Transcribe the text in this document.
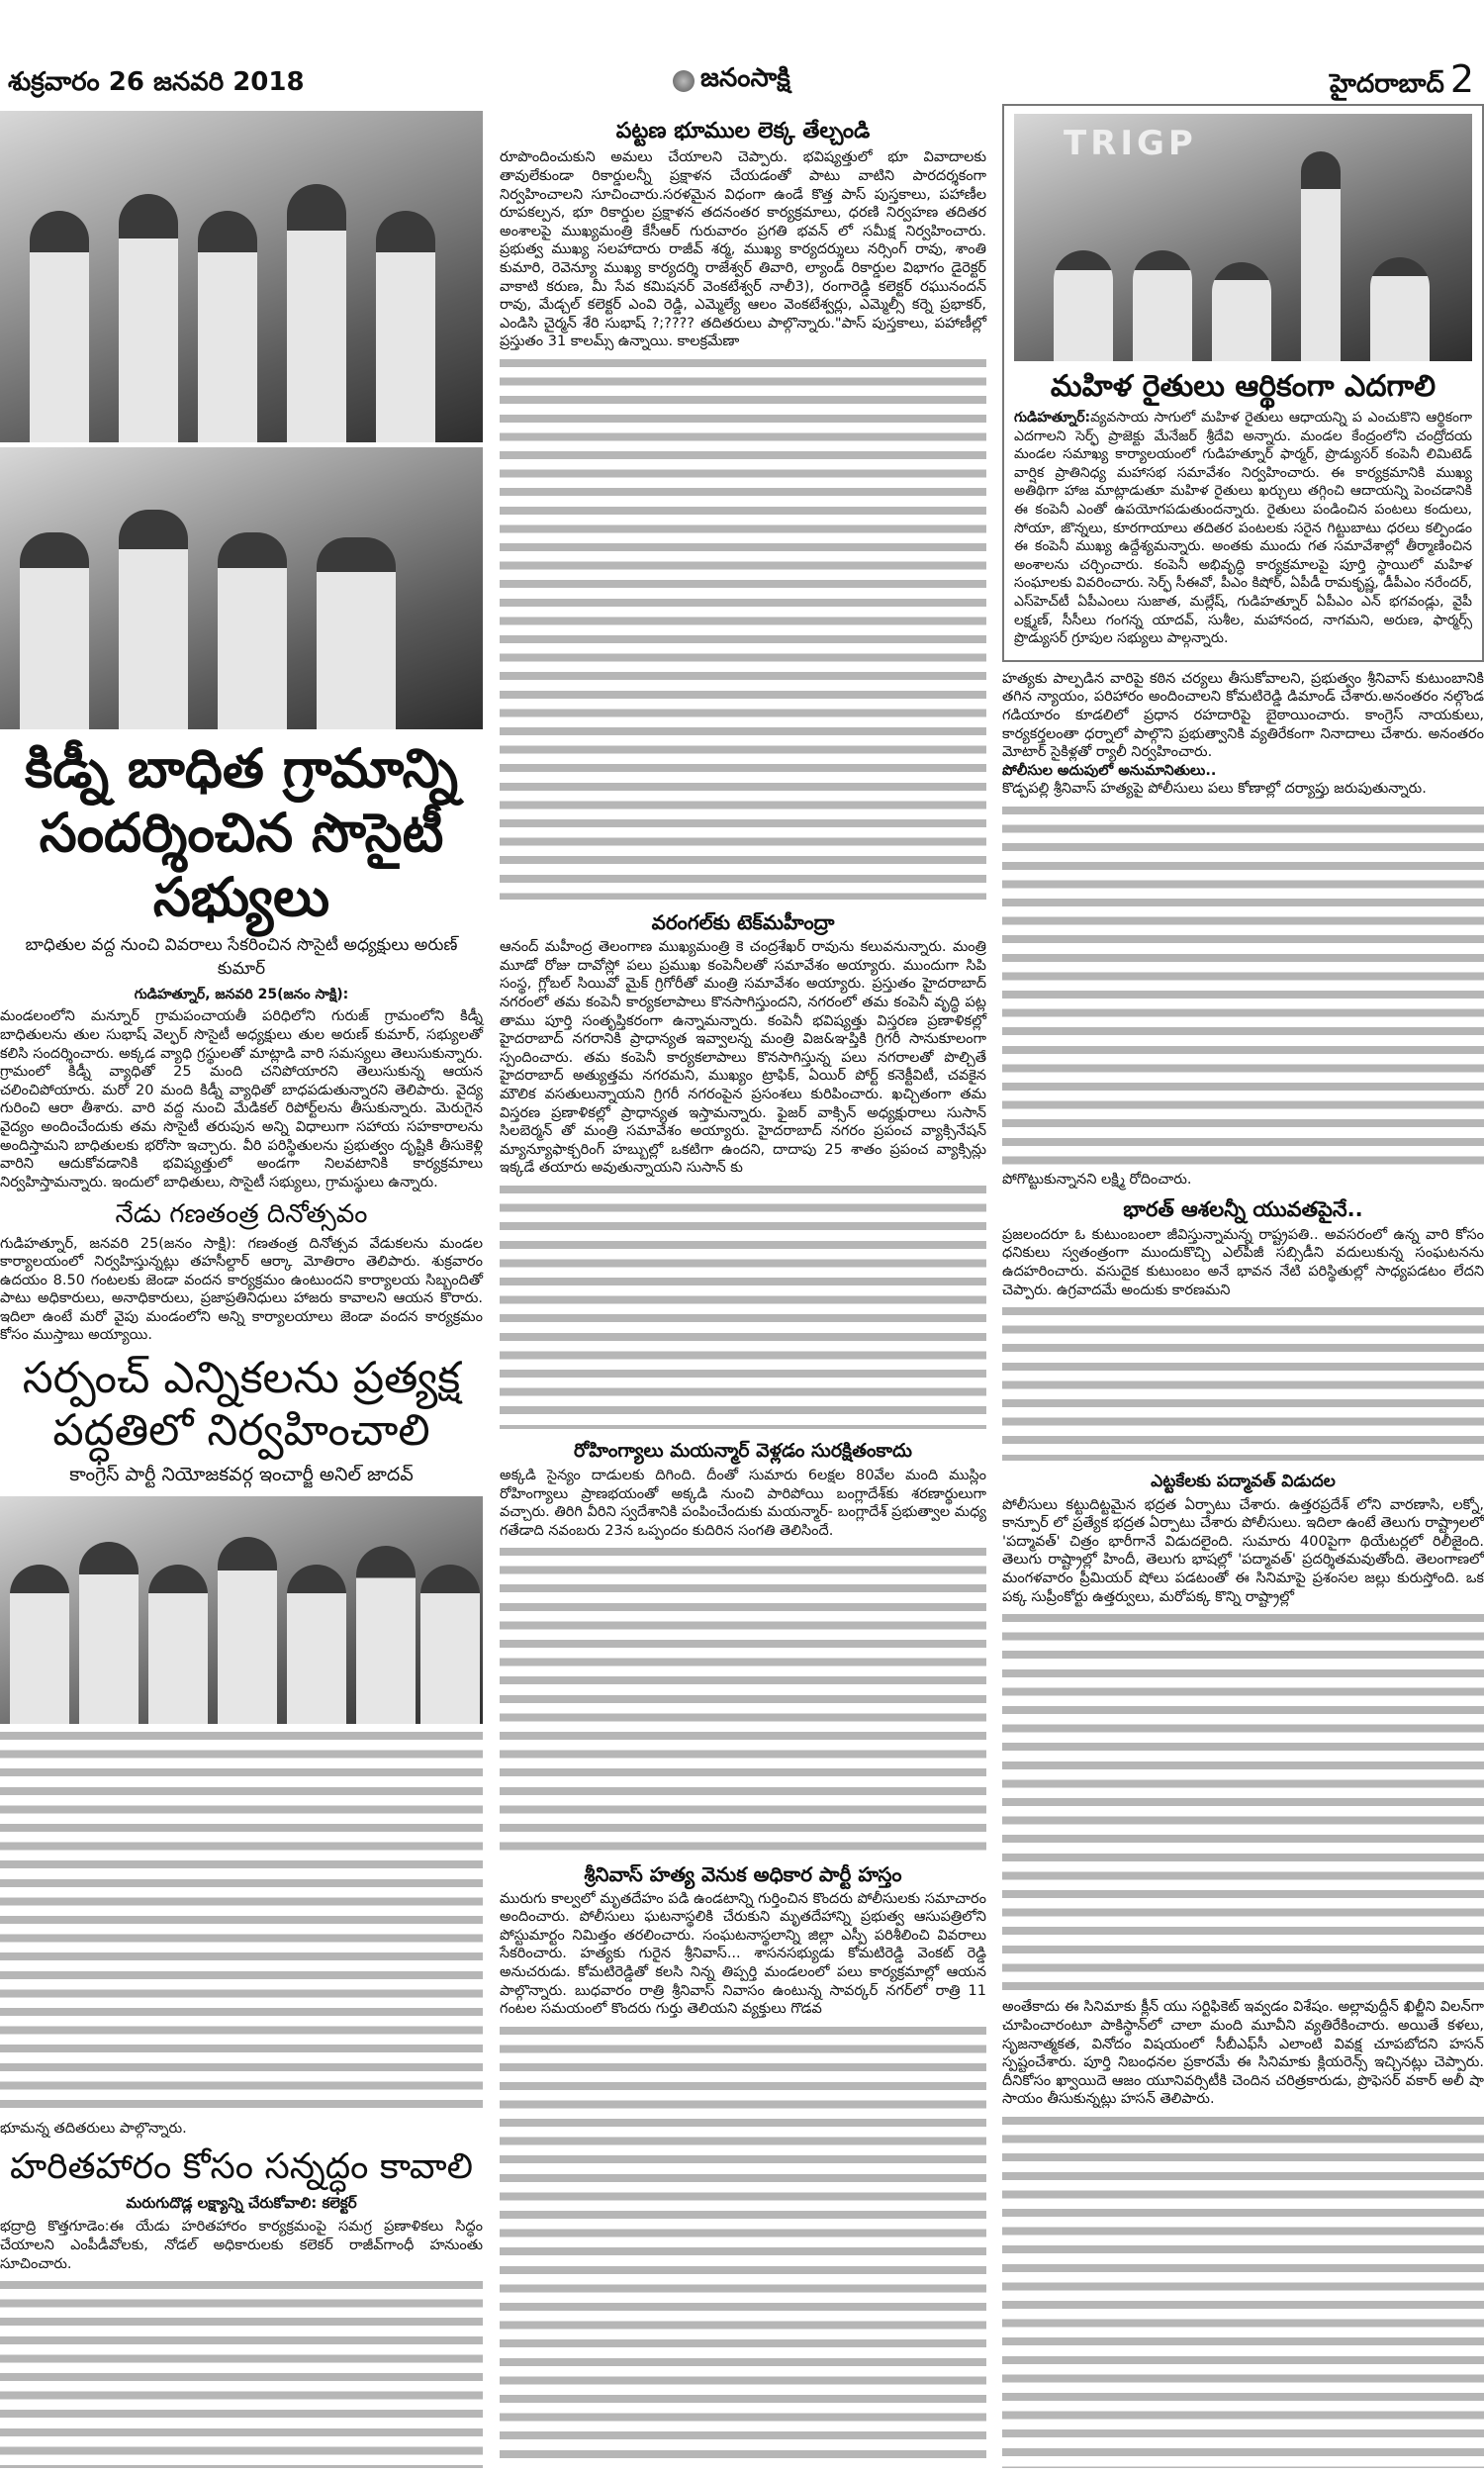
శుక్రవారం 26 జనవరి 2018	జనంసాక్షి	హైదరాబాద్ 2
కిడ్నీ బాధిత గ్రామాన్ని
సందర్శించిన సొసైటీ సభ్యులు
బాధితుల వద్ద నుంచి వివరాలు సేకరించిన సొసైటీ అధ్యక్షులు అరుణ్ కుమార్
గుడిహత్నూర్, జనవరి 25(జనం సాక్షి):
మండలంలోని మన్నూర్ గ్రామపంచాయతీ పరిధిలోని గురుజ్ గ్రామంలోని కిడ్నీ బాధితులను తుల సుభాష్ వెల్ఫర్ సొసైటీ అధ్యక్షులు తుల అరుణ్ కుమార్, సభ్యులతో కలిసి సందర్శించారు. అక్కడ వ్యాధి గ్రస్థులతో మాట్లాడి వారి సమస్యలు తెలుసుకున్నారు. గ్రామంలో కిడ్నీ వ్యాధితో 25 మంది చనిపోయారని తెలుసుకున్న ఆయన చలించిపోయారు. మరో 20 మంది కిడ్నీ వ్యాధితో బాధపడుతున్నారని తెలిపారు. వైద్య గురించి ఆరా తీశారు. వారి వద్ద నుంచి మేడికల్ రిపోర్ట్‌లను తీసుకున్నారు. మెరుగైన వైద్యం అందించేందుకు తమ సొసైటీ తరుపున అన్ని విధాలుగా సహాయ సహకారాలను అందిస్తామని బాధితులకు భరోసా ఇచ్చారు. వీరి పరిస్థితులను ప్రభుత్వం దృష్టికి తీసుకెళ్లి వారిని ఆదుకోవడానికి భవిష్యత్తులో అండగా నిలవటానికి కార్యక్రమాలు నిర్వహిస్తామన్నారు. ఇందులో బాధితులు, సొసైటీ సభ్యులు, గ్రామస్థులు ఉన్నారు.
నేడు గణతంత్ర దినోత్సవం
గుడిహత్నూర్, జనవరి 25(జనం సాక్షి): గణతంత్ర దినోత్సవ వేడుకలను మండల కార్యాలయంలో నిర్వహిస్తున్నట్లు తహసీల్దార్ ఆర్కా మోతిరాం తెలిపారు. శుక్రవారం ఉదయం 8.50 గంటలకు జెండా వందన కార్యక్రమం ఉంటుందని కార్యాలయ సిబ్బందితో పాటు అధికారులు, అనాధికారులు, ప్రజాప్రతినిధులు హాజరు కావాలని ఆయన కొరారు. ఇదిలా ఉంటే మరో వైపు మండంలోని అన్ని కార్యాలయాలు జెండా వందన కార్యక్రమం కోసం ముస్తాబు అయ్యాయి.
సర్పంచ్ ఎన్నికలను ప్రత్యక్ష
పద్ధతిలో నిర్వహించాలి
కాంగ్రెస్ పార్టీ నియోజకవర్గ ఇంచార్జీ అనిల్ జాదవ్
భూమన్న తదితరులు పాల్గొన్నారు.
హరితహారం కోసం సన్నద్ధం కావాలి
మరుగుదొడ్ల లక్ష్యాన్ని చేరుకోవాలి: కలెక్టర్
భద్రాద్రి కొత్తగూడెం:ఈ యేడు హరితహారం కార్యక్రమంపై సమగ్ర ప్రణాళికలు సిద్ధం చేయాలని ఎంపీడీవోలకు, నోడల్ అధికారులకు కలెకర్ రాజీవ్‌గాంధీ హనుంతు సూచించారు.
పట్టణ భూముల లెక్క తేల్చండి
రూపొందించుకుని అమలు చేయాలని చెప్పారు. భవిష్యత్తులో భూ వివాదాలకు తావులేకుండా రికార్డులన్నీ ప్రక్షాళన చేయడంతో పాటు వాటిని పారదర్శకంగా నిర్వహించాలని సూచించారు.సరళమైన విధంగా ఉండే కొత్త పాస్ పుస్తకాలు, పహాణీల రూపకల్పన, భూ రికార్డుల ప్రక్షాళన తదనంతర కార్యక్రమాలు, ధరణి నిర్వహణ తదితర అంశాలపై ముఖ్యమంత్రి కేసీఆర్ గురువారం ప్రగతి భవన్ లో సమీక్ష నిర్వహించారు. ప్రభుత్వ ముఖ్య సలహాదారు రాజీవ్ శర్మ, ముఖ్య కార్యదర్శులు నర్సింగ్ రావు, శాంతి కుమారి, రెవెన్యూ ముఖ్య కార్యదర్శి రాజేశ్వర్ తివారి, ల్యాండ్ రికార్డుల విభాగం డైరెక్టర్ వాకాటి కరుణ, మీ సేవ కమిషనర్ వెంకటేశ్వర్ నాలీ3), రంగారెడ్డి కలెక్టర్ రఘునందన్ రావు, మేడ్చల్ కలెక్టర్ ఎంవి రెడ్డి, ఎమ్మెల్యే ఆలం వెంకటేశ్వర్లు, ఎమ్మెల్సీ కర్నె ప్రభాకర్, ఎండిసి చైర్మన్ శేరి సుభాష్ ?;???? తదితరులు పాల్గొన్నారు."పాస్ పుస్తకాలు, పహాణీల్లో ప్రస్తుతం 31 కాలమ్స్ ఉన్నాయి. కాలక్రమేణా
వరంగల్‌కు టెక్‌మహీంద్రా
ఆనంద్ మహీంద్ర తెలంగాణ ముఖ్యమంత్రి కె చంద్రశేఖర్ రావును కలువనున్నారు. మంత్రి మూడో రోజు దావోస్లో పలు ప్రముఖ కంపెనీలతో సమావేశం అయ్యారు. ముందుగా సిపి సంస్థ, గ్లోబల్ సియివో మైక్ గ్రిగోరీతో మంత్రి సమావేశం అయ్యారు. ప్రస్తుతం హైదరాబాద్ నగరంలో తమ కంపెనీ కార్యకలాపాలు కొనసాగిస్తుందని, నగరంలో తమ కంపెనీ వృద్ధి పట్ల తాము పూర్తి సంతృప్తికరంగా ఉన్నామన్నారు. కంపెనీ భవిష్యత్తు విస్తరణ ప్రణాళికల్లో హైదరాబాద్ నగరానికి ప్రాధాన్యత ఇవ్వాలన్న మంత్రి విజ&ఞప్తికి గ్రిగరీ సానుకూలంగా స్పందించారు. తమ కంపెనీ కార్యకలాపాలు కొనసాగిస్తున్న పలు నగరాలతో పొల్చితే హైదరాబాద్ అత్యుత్తమ నగరమని, ముఖ్యం ట్రాఫిక్, ఏయిర్ పోర్ట్ కనెక్టీవిటీ, చవకైన మౌలిక వసతులున్నాయని గ్రిగరీ నగరంపైన ప్రసంశలు కురిపించారు. ఖచ్చితంగా తమ విస్తరణ ప్రణాళికల్లో ప్రాధాన్యత ఇస్తామన్నారు. ఫైజర్ వాక్సిన్ అధ్యక్షురాలు సుసాన్ సిలబెర్మన్ తో మంత్రి సమావేశం అయ్యారు. హైదరాబాద్ నగరం ప్రపంచ వ్యాక్సినేషన్ మ్యాన్యూఫాక్చరింగ్ హబ్బుల్లో ఒకటిగా ఉందని, దాదాపు 25 శాతం ప్రపంచ వ్యాక్సిన్లు ఇక్కడే తయారు అవుతున్నాయని సుసాన్ కు
రోహింగ్యాలు మయన్మార్ వెళ్లడం సురక్షితంకాదు
అక్కడి సైన్యం దాడులకు దిగింది. దీంతో సుమారు 6లక్షల 80వేల మంది ముస్లిం రోహింగ్యాలు ప్రాణభయంతో అక్కడి నుంచి పారిపోయి బంగ్లాదేశ్‌కు శరణార్థులుగా వచ్చారు. తిరిగి వీరిని స్వదేశానికి పంపించేందుకు మయన్మార్- బంగ్లాదేశ్ ప్రభుత్వాల మధ్య గతేడాది నవంబరు 23న ఒప్పందం కుదిరిన సంగతి తెలిసిందే.
శ్రీనివాస్ హత్య వెనుక అధికార పార్టీ హస్తం
మురుగు కాల్వలో మృతదేహం పడి ఉండటాన్ని గుర్తించిన కొందరు పోలీసులకు సమాచారం అందించారు. పోలీసులు ఘటనాస్థలికి చేరుకుని మృతదేహాన్ని ప్రభుత్వ ఆసుపత్రిలోని పోస్టుమార్టం నిమిత్తం తరలించారు. సంఘటనాస్థలాన్ని జిల్లా ఎస్పీ పరిశీలించి వివరాలు సేకరించారు. హత్యకు గురైన శ్రీనివాస్... శాసనసభ్యుడు కోమటిరెడ్డి వెంకట్ రెడ్డి అనుచరుడు. కోమటిరెడ్డితో కలసి నిన్న తిప్పర్తి మండలంలో పలు కార్యక్రమాల్లో ఆయన పాల్గొన్నారు. బుధవారం రాత్రి శ్రీనివాస్ నివాసం ఉంటున్న సావర్కర్ నగర్‌లో రాత్రి 11 గంటల సమయంలో కొందరు గుర్తు తెలియని వ్యక్తులు గొడవ
TRIGP
మహిళ రైతులు ఆర్థికంగా ఎదగాలి
గుడిహత్నూర్:వ్యవసాయ సాగులో మహిళ రైతులు ఆధాయన్ని ప ఎంచుకొని ఆర్థికంగా ఎదగాలని సెర్ఫ్ ప్రాజెక్టు మేనేజర్ శ్రీదేవి అన్నారు. మండల కేంద్రంలోని చంద్రోదయ మండల సమాఖ్య కార్యాలయంలో గుడిహత్నూర్ ఫార్మర్, ప్రొడ్యుసర్ కంపెనీ లిమిటెడ్ వార్షిక ప్రాతినిధ్య మహాసభ సమావేశం నిర్వహించారు. ఈ కార్యక్రమానికి ముఖ్య అతిథిగా హాజ మాట్లాడుతూ మహిళ రైతులు ఖర్చులు తగ్గించి ఆదాయన్ని పెంచడానికి ఈ కంపెనీ ఎంతో ఉపయోగపడుతుందన్నారు. రైతులు పండించిన పంటలు కందులు, సోయా, జొన్నలు, కూరగాయాలు తదితర పంటలకు సరైన గిట్టుబాటు ధరలు కల్పిండం ఈ కంపెనీ ముఖ్య ఉద్దేశ్యమన్నారు. అంతకు ముందు గత సమావేశాల్లో తీర్మాణించిన అంశాలను చర్చించారు. కంపెనీ అభివృద్ధి కార్యక్రమాలపై పూర్తి స్థాయిలో మహిళ సంఘాలకు వివరించారు. సెర్ఫ్ సీఈవో, పీఎం కిషోర్, ఏపీడీ రామకృష్ణ, డీపీఎం నరేందర్, ఎస్‌హెచ్‌టీ ఏపీఎంలు సుజాత, మల్లేష్, గుడిహత్నూర్ ఏపీఎం ఎన్ భగవండ్లు, వైపీ లక్ష్మణ్, సీసీలు గంగన్న యాదవ్, సుశీల, మహానంద, నాగమని, అరుణ, ఫార్మర్స్ ప్రొడ్యుసర్ గ్రూపుల సభ్యులు పాల్గన్నారు.
హత్యకు పాల్పడిన వారిపై కఠిన చర్యలు తీసుకోవాలని, ప్రభుత్వం శ్రీనివాస్ కుటుంబానికి తగిన న్యాయం, పరిహారం అందించాలని కోమటిరెడ్డి డిమాండ్ చేశారు.అనంతరం నల్గొండ గడియారం కూడలిలో ప్రధాన రహదారిపై బైఠాయించారు. కాంగ్రెస్ నాయకులు, కార్యకర్తలంతా ధర్నాలో పాల్గొని ప్రభుత్వానికి వ్యతిరేకంగా నినాదాలు చేశారు. అనంతరం మోటార్ సైకిళ్లతో ర్యాలీ నిర్వహించారు.
పోలీసుల అదుపులో అనుమానితులు..
కొడ్పపల్లి శ్రీనివాస్ హత్యపై పోలీసులు పలు కోణాల్లో దర్యాప్తు జరుపుతున్నారు.
పోగొట్టుకున్నానని లక్ష్మి రోదించారు.
భారత్ ఆశలన్నీ యువతపైనే..
ప్రజలందరూ ఓ కుటుంబంలా జీవిస్తున్నామన్న రాష్ట్రపతి.. అవసరంలో ఉన్న వారి కోసం ధనికులు స్వతంత్రంగా ముందుకొచ్చి ఎల్‌పీజీ సబ్సిడీని వదులుకున్న సంఘటనను ఉదహరించారు. వసుదైక కుటుంబం అనే భావన నేటి పరిస్థితుల్లో సాధ్యపడటం లేదని చెప్పారు. ఉగ్రవాదమే అందుకు కారణమని
ఎట్టకేలకు పద్మావత్ విడుదల
పోలీసులు కట్టుదిట్టమైన భద్రత ఏర్పాటు చేశారు. ఉత్తరప్రదేశ్ లోని వారణాసి, లక్నో, కాన్పూర్ లో ప్రత్యేక భద్రత ఏర్పాటు చేశారు పోలీసులు. ఇదిలా ఉంటే తెలుగు రాష్ట్రాలలో 'పద్మావత్' చిత్రం భారీగానే విడుదలైంది. సుమారు 400పైగా థియేటర్లలో రిలీజైంది. తెలుగు రాష్ట్రాల్లో హిందీ, తెలుగు భాషల్లో 'పద్మావత్' ప్రదర్శితమవుతోంది. తెలంగాణలో మంగళవారం ప్రీమియర్ షోలు పడటంతో ఈ సినిమాపై ప్రశంసల జల్లు కురుస్తోంది. ఒక పక్క సుప్రీంకోర్టు ఉత్తర్వులు, మరోపక్క కొన్ని రాష్ట్రాల్లో
అంతేకాదు ఈ సినిమాకు క్లీన్ యు సర్టిఫికెట్ ఇవ్వడం విశేషం. అల్లావుద్దీన్ ఖిల్జీని విలన్‌గా చూపించారంటూ పాకిస్థాన్‌లో చాలా మంది మూవీని వ్యతిరేకించారు. అయితే కళలు, సృజనాత్మకత, వినోదం విషయంలో సీబీఎఫ్‌సీ ఎలాంటి వివక్ష చూపబోదని హసన్ స్పష్టంచేశారు. పూర్తి నిబంధనల ప్రకారమే ఈ సినిమాకు క్లియరెన్స్ ఇచ్చినట్లు చెప్పారు. దీనికోసం ఖ్వాయిదె ఆజం యూనివర్సిటీకి చెందిన చరిత్రకారుడు, ప్రొఫెసర్ వకార్ అలీ షా సాయం తీసుకున్నట్లు హసన్ తెలిపారు.
